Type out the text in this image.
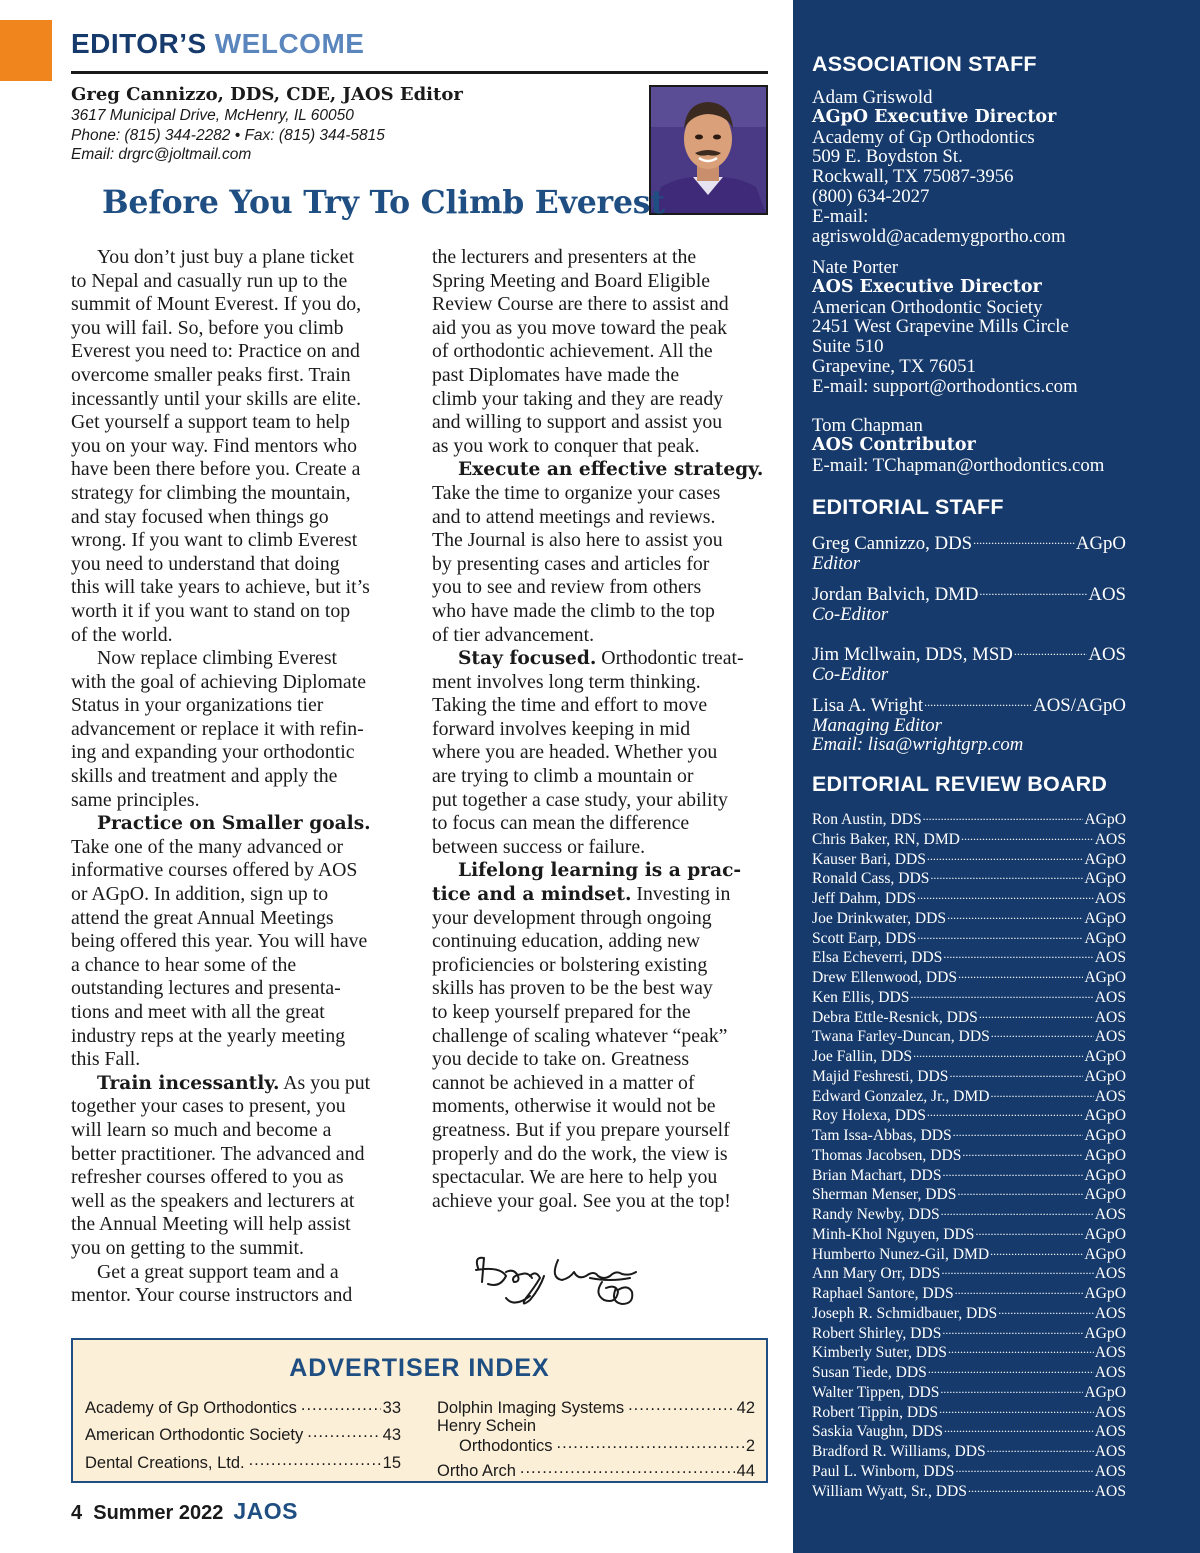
EDITOR’S WELCOME
Greg Cannizzo, DDS, CDE, JAOS Editor
3617 Municipal Drive, McHenry, IL 60050
Phone: (815) 344-2282 • Fax: (815) 344-5815
Email: drgrc@joltmail.com
Before You Try To Climb Everest
You don’t just buy a plane ticket
to Nepal and casually run up to the
summit of Mount Everest. If you do,
you will fail. So, before you climb
Everest you need to: Practice on and
overcome smaller peaks first. Train
incessantly until your skills are elite.
Get yourself a support team to help
you on your way. Find mentors who
have been there before you. Create a
strategy for climbing the mountain,
and stay focused when things go
wrong. If you want to climb Everest
you need to understand that doing
this will take years to achieve, but it’s
worth it if you want to stand on top
of the world.
Now replace climbing Everest
with the goal of achieving Diplomate
Status in your organizations tier
advancement or replace it with refin-
ing and expanding your orthodontic
skills and treatment and apply the
same principles.
Practice on Smaller goals.
Take one of the many advanced or
informative courses offered by AOS
or AGpO. In addition, sign up to
attend the great Annual Meetings
being offered this year. You will have
a chance to hear some of the
outstanding lectures and presenta-
tions and meet with all the great
industry reps at the yearly meeting
this Fall.
Train incessantly. As you put
together your cases to present, you
will learn so much and become a
better practitioner. The advanced and
refresher courses offered to you as
well as the speakers and lecturers at
the Annual Meeting will help assist
you on getting to the summit.
Get a great support team and a
mentor. Your course instructors and
the lecturers and presenters at the
Spring Meeting and Board Eligible
Review Course are there to assist and
aid you as you move toward the peak
of orthodontic achievement. All the
past Diplomates have made the
climb your taking and they are ready
and willing to support and assist you
as you work to conquer that peak.
Execute an effective strategy.
Take the time to organize your cases
and to attend meetings and reviews.
The Journal is also here to assist you
by presenting cases and articles for
you to see and review from others
who have made the climb to the top
of tier advancement.
Stay focused. Orthodontic treat-
ment involves long term thinking.
Taking the time and effort to move
forward involves keeping in mid
where you are headed. Whether you
are trying to climb a mountain or
put together a case study, your ability
to focus can mean the difference
between success or failure.
Lifelong learning is a prac-
tice and a mindset. Investing in
your development through ongoing
continuing education, adding new
proficiencies or bolstering existing
skills has proven to be the best way
to keep yourself prepared for the
challenge of scaling whatever “peak”
you decide to take on. Greatness
cannot be achieved in a matter of
moments, otherwise it would not be
greatness. But if you prepare yourself
properly and do the work, the view is
spectacular. We are here to help you
achieve your goal. See you at the top!
ADVERTISER INDEX
Academy of Gp Orthodontics .....	33
American Orthodontic Society .....	43
Dental Creations, Ltd. .....	15
Dolphin Imaging Systems .....	42
Henry Schein
Orthodontics .....	2
Ortho Arch .....	44
4 Summer 2022 JAOS
ASSOCIATION STAFF
Adam Griswold
AGpO Executive Director
Academy of Gp Orthodontics
509 E. Boydston St.
Rockwall, TX 75087-3956
(800) 634-2027
E-mail:
agriswold@academygportho.com
Nate Porter
AOS Executive Director
American Orthodontic Society
2451 West Grapevine Mills Circle
Suite 510
Grapevine, TX 76051
E-mail: support@orthodontics.com
Tom Chapman
AOS Contributor
E-mail: TChapman@orthodontics.com
EDITORIAL STAFF
Greg Cannizzo, DDS .....	AGpO
Editor
Jordan Balvich, DMD .....	AOS
Co-Editor
Jim Mcllwain, DDS, MSD .....	AOS
Co-Editor
Lisa A. Wright .....	AOS/AGpO
Managing Editor
Email: lisa@wrightgrp.com
EDITORIAL REVIEW BOARD
Ron Austin, DDS .....	AGpO
Chris Baker, RN, DMD .....	AOS
Kauser Bari, DDS .....	AGpO
Ronald Cass, DDS .....	AGpO
Jeff Dahm, DDS .....	AOS
Joe Drinkwater, DDS .....	AGpO
Scott Earp, DDS .....	AGpO
Elsa Echeverri, DDS .....	AOS
Drew Ellenwood, DDS .....	AGpO
Ken Ellis, DDS .....	AOS
Debra Ettle-Resnick, DDS .....	AOS
Twana Farley-Duncan, DDS .....	AOS
Joe Fallin, DDS .....	AGpO
Majid Feshresti, DDS .....	AGpO
Edward Gonzalez, Jr., DMD .....	AOS
Roy Holexa, DDS .....	AGpO
Tam Issa-Abbas, DDS .....	AGpO
Thomas Jacobsen, DDS .....	AGpO
Brian Machart, DDS .....	AGpO
Sherman Menser, DDS .....	AGpO
Randy Newby, DDS .....	AOS
Minh-Khol Nguyen, DDS .....	AGpO
Humberto Nunez-Gil, DMD .....	AGpO
Ann Mary Orr, DDS .....	AOS
Raphael Santore, DDS .....	AGpO
Joseph R. Schmidbauer, DDS .....	AOS
Robert Shirley, DDS .....	AGpO
Kimberly Suter, DDS .....	AOS
Susan Tiede, DDS .....	AOS
Walter Tippen, DDS .....	AGpO
Robert Tippin, DDS .....	AOS
Saskia Vaughn, DDS .....	AOS
Bradford R. Williams, DDS .....	AOS
Paul L. Winborn, DDS .....	AOS
William Wyatt, Sr., DDS .....	AOS
